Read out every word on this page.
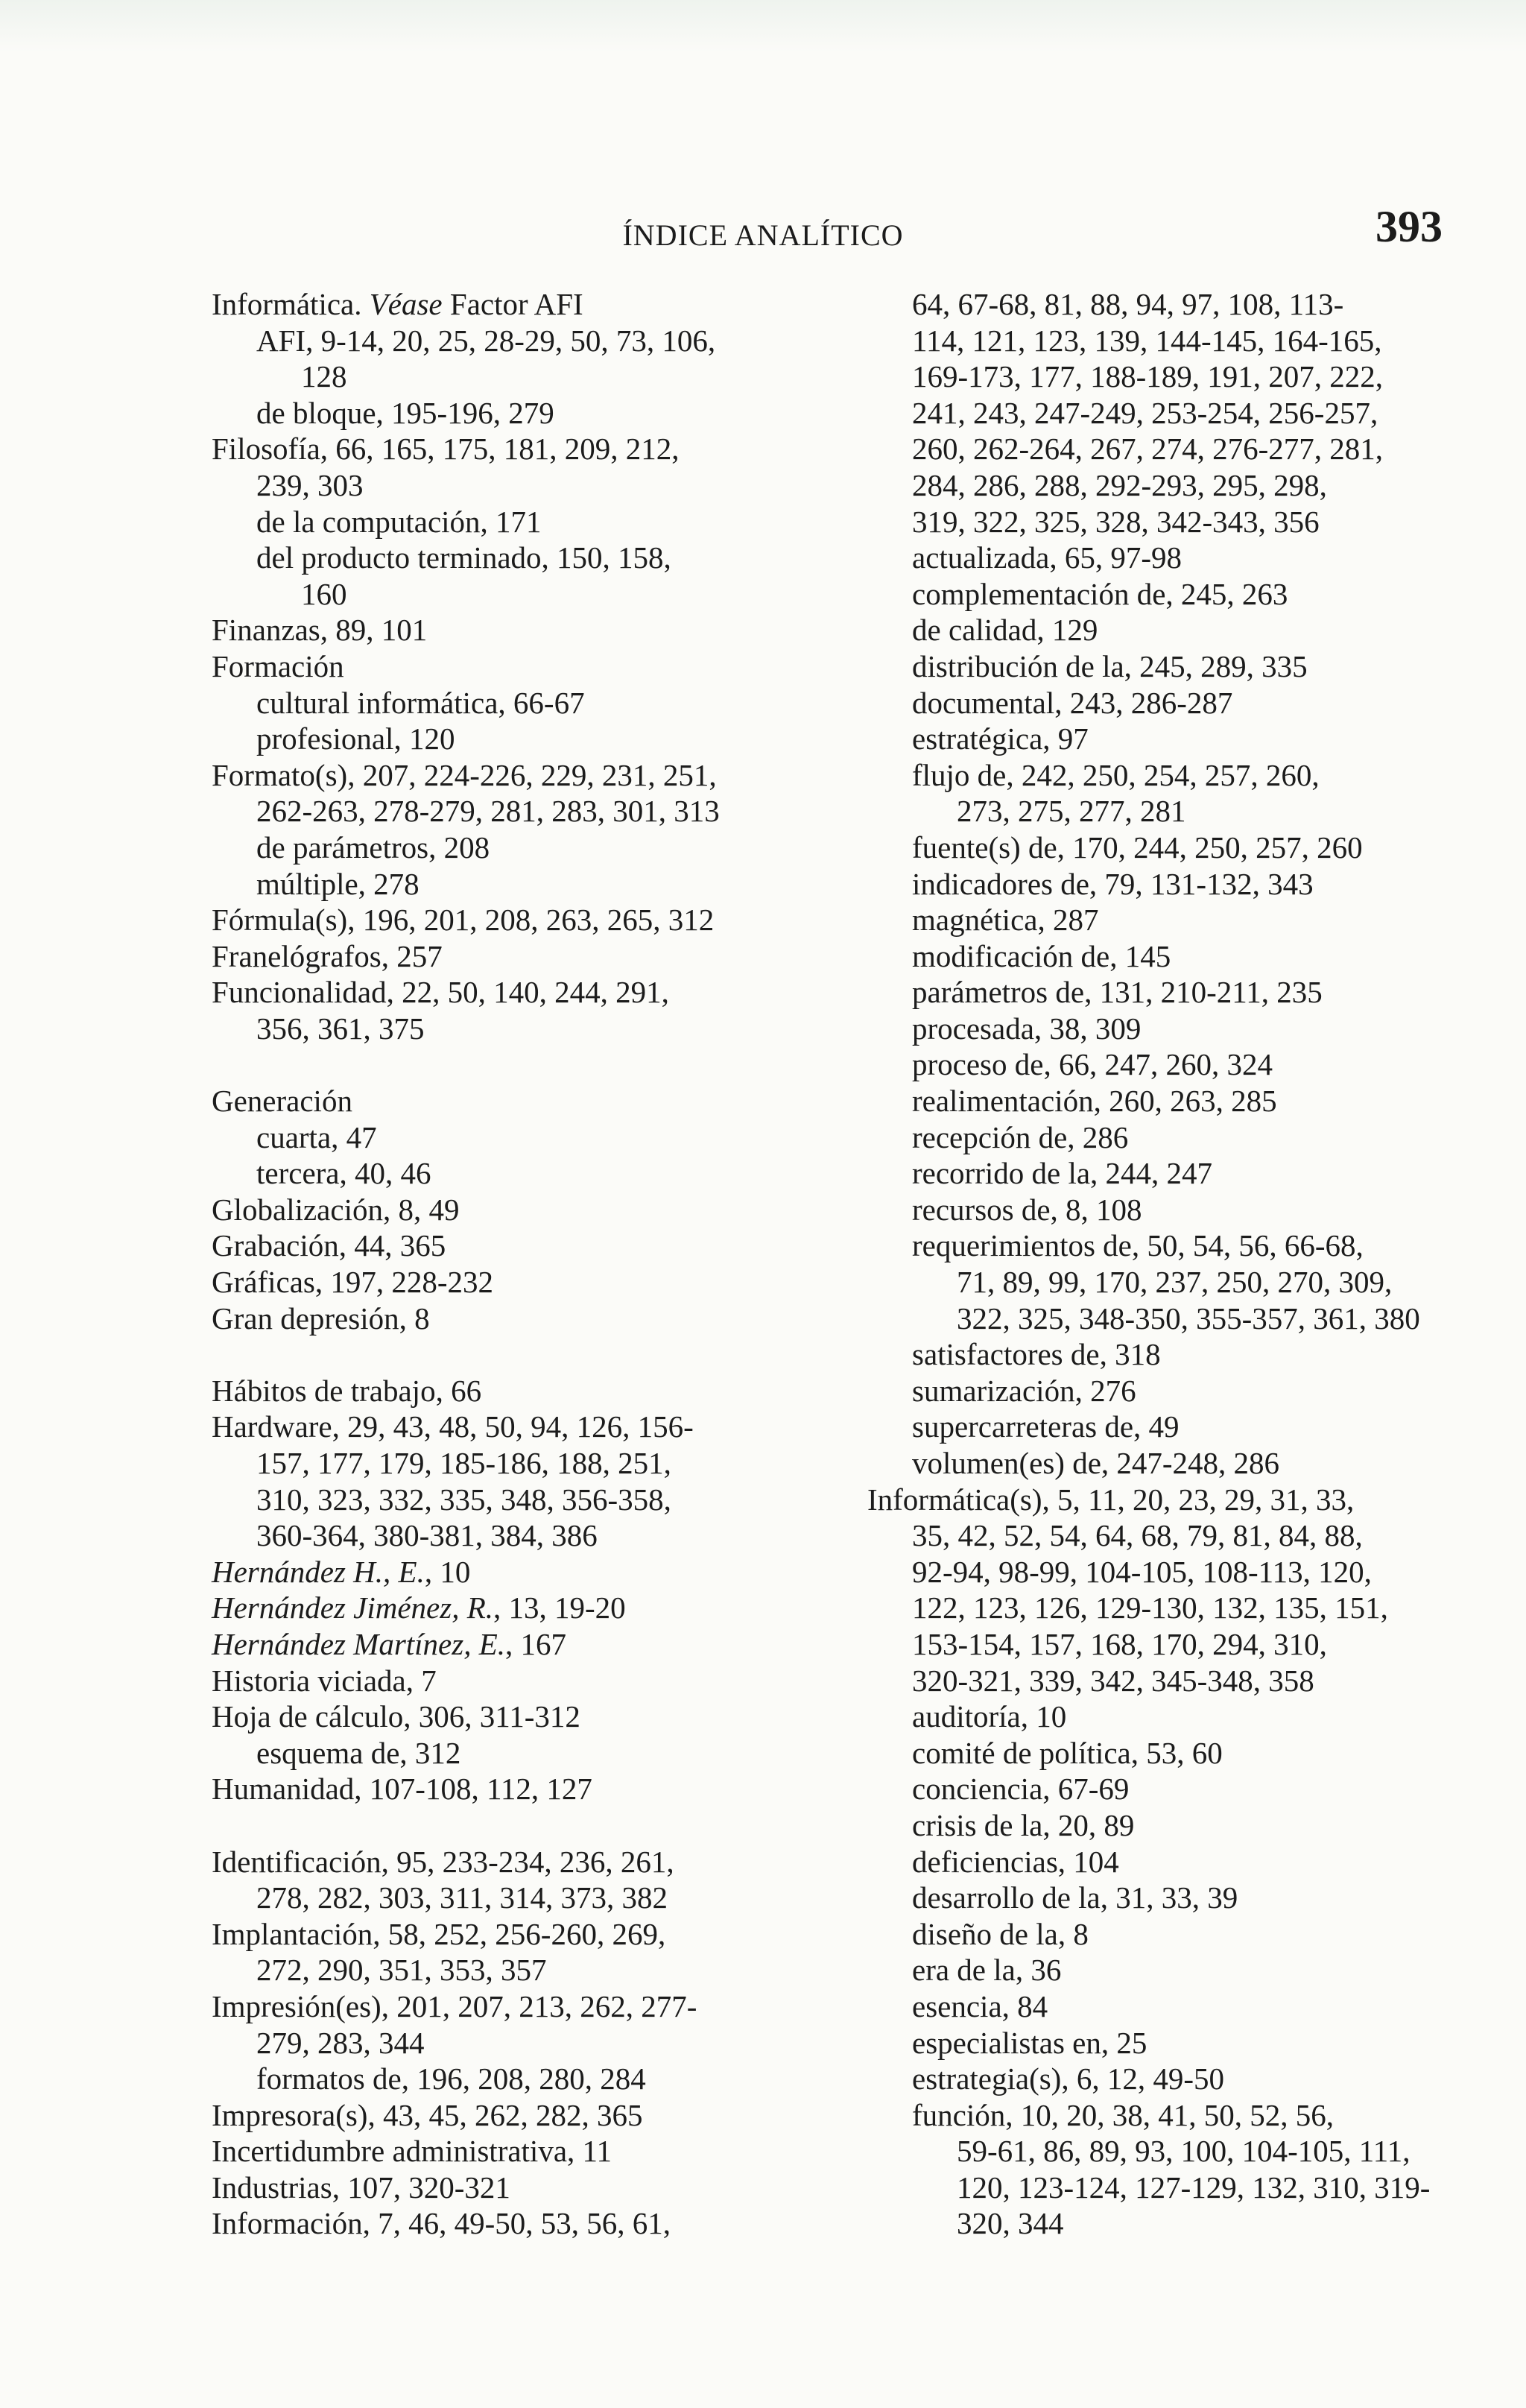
ÍNDICE ANALÍTICO	393
Informática. Véase Factor AFI
AFI, 9-14, 20, 25, 28-29, 50, 73, 106,
128
de bloque, 195-196, 279
Filosofía, 66, 165, 175, 181, 209, 212,
239, 303
de la computación, 171
del producto terminado, 150, 158,
160
Finanzas, 89, 101
Formación
cultural informática, 66-67
profesional, 120
Formato(s), 207, 224-226, 229, 231, 251,
262-263, 278-279, 281, 283, 301, 313
de parámetros, 208
múltiple, 278
Fórmula(s), 196, 201, 208, 263, 265, 312
Franelógrafos, 257
Funcionalidad, 22, 50, 140, 244, 291,
356, 361, 375
Generación
cuarta, 47
tercera, 40, 46
Globalización, 8, 49
Grabación, 44, 365
Gráficas, 197, 228-232
Gran depresión, 8
Hábitos de trabajo, 66
Hardware, 29, 43, 48, 50, 94, 126, 156-
157, 177, 179, 185-186, 188, 251,
310, 323, 332, 335, 348, 356-358,
360-364, 380-381, 384, 386
Hernández H., E., 10
Hernández Jiménez, R., 13, 19-20
Hernández Martínez, E., 167
Historia viciada, 7
Hoja de cálculo, 306, 311-312
esquema de, 312
Humanidad, 107-108, 112, 127
Identificación, 95, 233-234, 236, 261,
278, 282, 303, 311, 314, 373, 382
Implantación, 58, 252, 256-260, 269,
272, 290, 351, 353, 357
Impresión(es), 201, 207, 213, 262, 277-
279, 283, 344
formatos de, 196, 208, 280, 284
Impresora(s), 43, 45, 262, 282, 365
Incertidumbre administrativa, 11
Industrias, 107, 320-321
Información, 7, 46, 49-50, 53, 56, 61,
64, 67-68, 81, 88, 94, 97, 108, 113-
114, 121, 123, 139, 144-145, 164-165,
169-173, 177, 188-189, 191, 207, 222,
241, 243, 247-249, 253-254, 256-257,
260, 262-264, 267, 274, 276-277, 281,
284, 286, 288, 292-293, 295, 298,
319, 322, 325, 328, 342-343, 356
actualizada, 65, 97-98
complementación de, 245, 263
de calidad, 129
distribución de la, 245, 289, 335
documental, 243, 286-287
estratégica, 97
flujo de, 242, 250, 254, 257, 260,
273, 275, 277, 281
fuente(s) de, 170, 244, 250, 257, 260
indicadores de, 79, 131-132, 343
magnética, 287
modificación de, 145
parámetros de, 131, 210-211, 235
procesada, 38, 309
proceso de, 66, 247, 260, 324
realimentación, 260, 263, 285
recepción de, 286
recorrido de la, 244, 247
recursos de, 8, 108
requerimientos de, 50, 54, 56, 66-68,
71, 89, 99, 170, 237, 250, 270, 309,
322, 325, 348-350, 355-357, 361, 380
satisfactores de, 318
sumarización, 276
supercarreteras de, 49
volumen(es) de, 247-248, 286
Informática(s), 5, 11, 20, 23, 29, 31, 33,
35, 42, 52, 54, 64, 68, 79, 81, 84, 88,
92-94, 98-99, 104-105, 108-113, 120,
122, 123, 126, 129-130, 132, 135, 151,
153-154, 157, 168, 170, 294, 310,
320-321, 339, 342, 345-348, 358
auditoría, 10
comité de política, 53, 60
conciencia, 67-69
crisis de la, 20, 89
deficiencias, 104
desarrollo de la, 31, 33, 39
diseño de la, 8
era de la, 36
esencia, 84
especialistas en, 25
estrategia(s), 6, 12, 49-50
función, 10, 20, 38, 41, 50, 52, 56,
59-61, 86, 89, 93, 100, 104-105, 111,
120, 123-124, 127-129, 132, 310, 319-
320, 344
